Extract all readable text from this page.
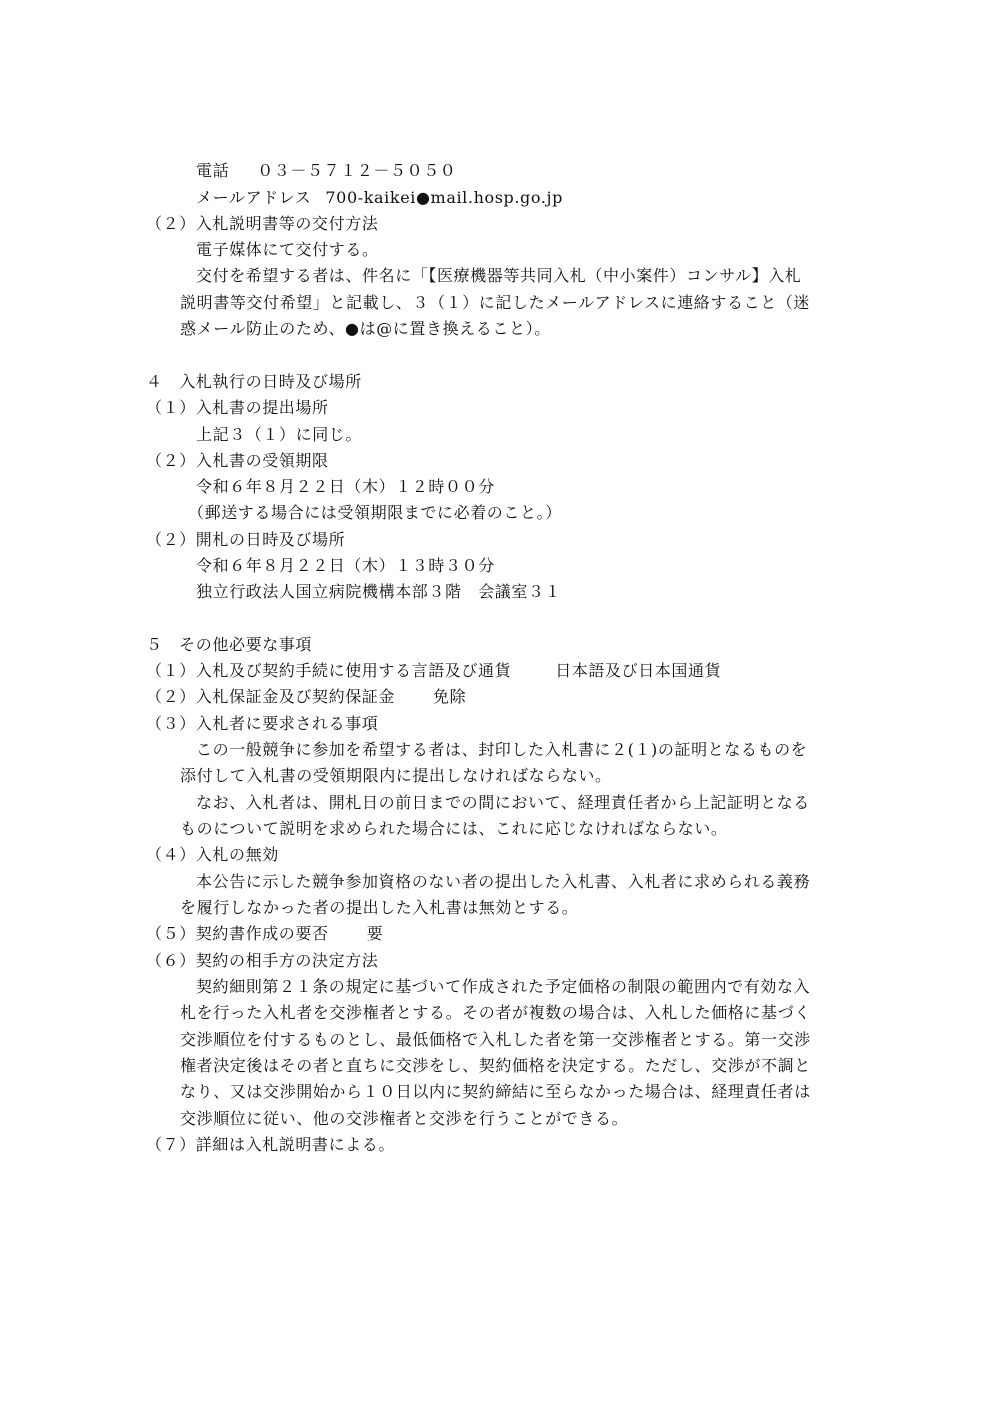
電話 ０３－５７１２－５０５０
メールアドレス 700-kaikei●mail.hosp.go.jp
（２）入札説明書等の交付方法
電子媒体にて交付する。
交付を希望する者は、件名に「【医療機器等共同入札（中小案件）コンサル】入札
説明書等交付希望」と記載し、３（１）に記したメールアドレスに連絡すること（迷
惑メール防止のため、●は@に置き換えること）。
４　入札執行の日時及び場所
（１）入札書の提出場所
上記３（１）に同じ。
（２）入札書の受領期限
令和６年８月２２日（木）１２時００分
（郵送する場合には受領期限までに必着のこと。）
（２）開札の日時及び場所
令和６年８月２２日（木）１３時３０分
独立行政法人国立病院機構本部３階　会議室３１
５　その他必要な事項
（１）入札及び契約手続に使用する言語及び通貨	日本語及び日本国通貨
（２）入札保証金及び契約保証金 免除
（３）入札者に要求される事項
この一般競争に参加を希望する者は、封印した入札書に２(１)の証明となるものを
添付して入札書の受領期限内に提出しなければならない。
なお、入札者は、開札日の前日までの間において、経理責任者から上記証明となる
ものについて説明を求められた場合には、これに応じなければならない。
（４）入札の無効
本公告に示した競争参加資格のない者の提出した入札書、入札者に求められる義務
を履行しなかった者の提出した入札書は無効とする。
（５）契約書作成の要否 要
（６）契約の相手方の決定方法
契約細則第２１条の規定に基づいて作成された予定価格の制限の範囲内で有効な入
札を行った入札者を交渉権者とする。その者が複数の場合は、入札した価格に基づく
交渉順位を付するものとし、最低価格で入札した者を第一交渉権者とする。第一交渉
権者決定後はその者と直ちに交渉をし、契約価格を決定する。ただし、交渉が不調と
なり、又は交渉開始から１０日以内に契約締結に至らなかった場合は、経理責任者は
交渉順位に従い、他の交渉権者と交渉を行うことができる。
（７）詳細は入札説明書による。
